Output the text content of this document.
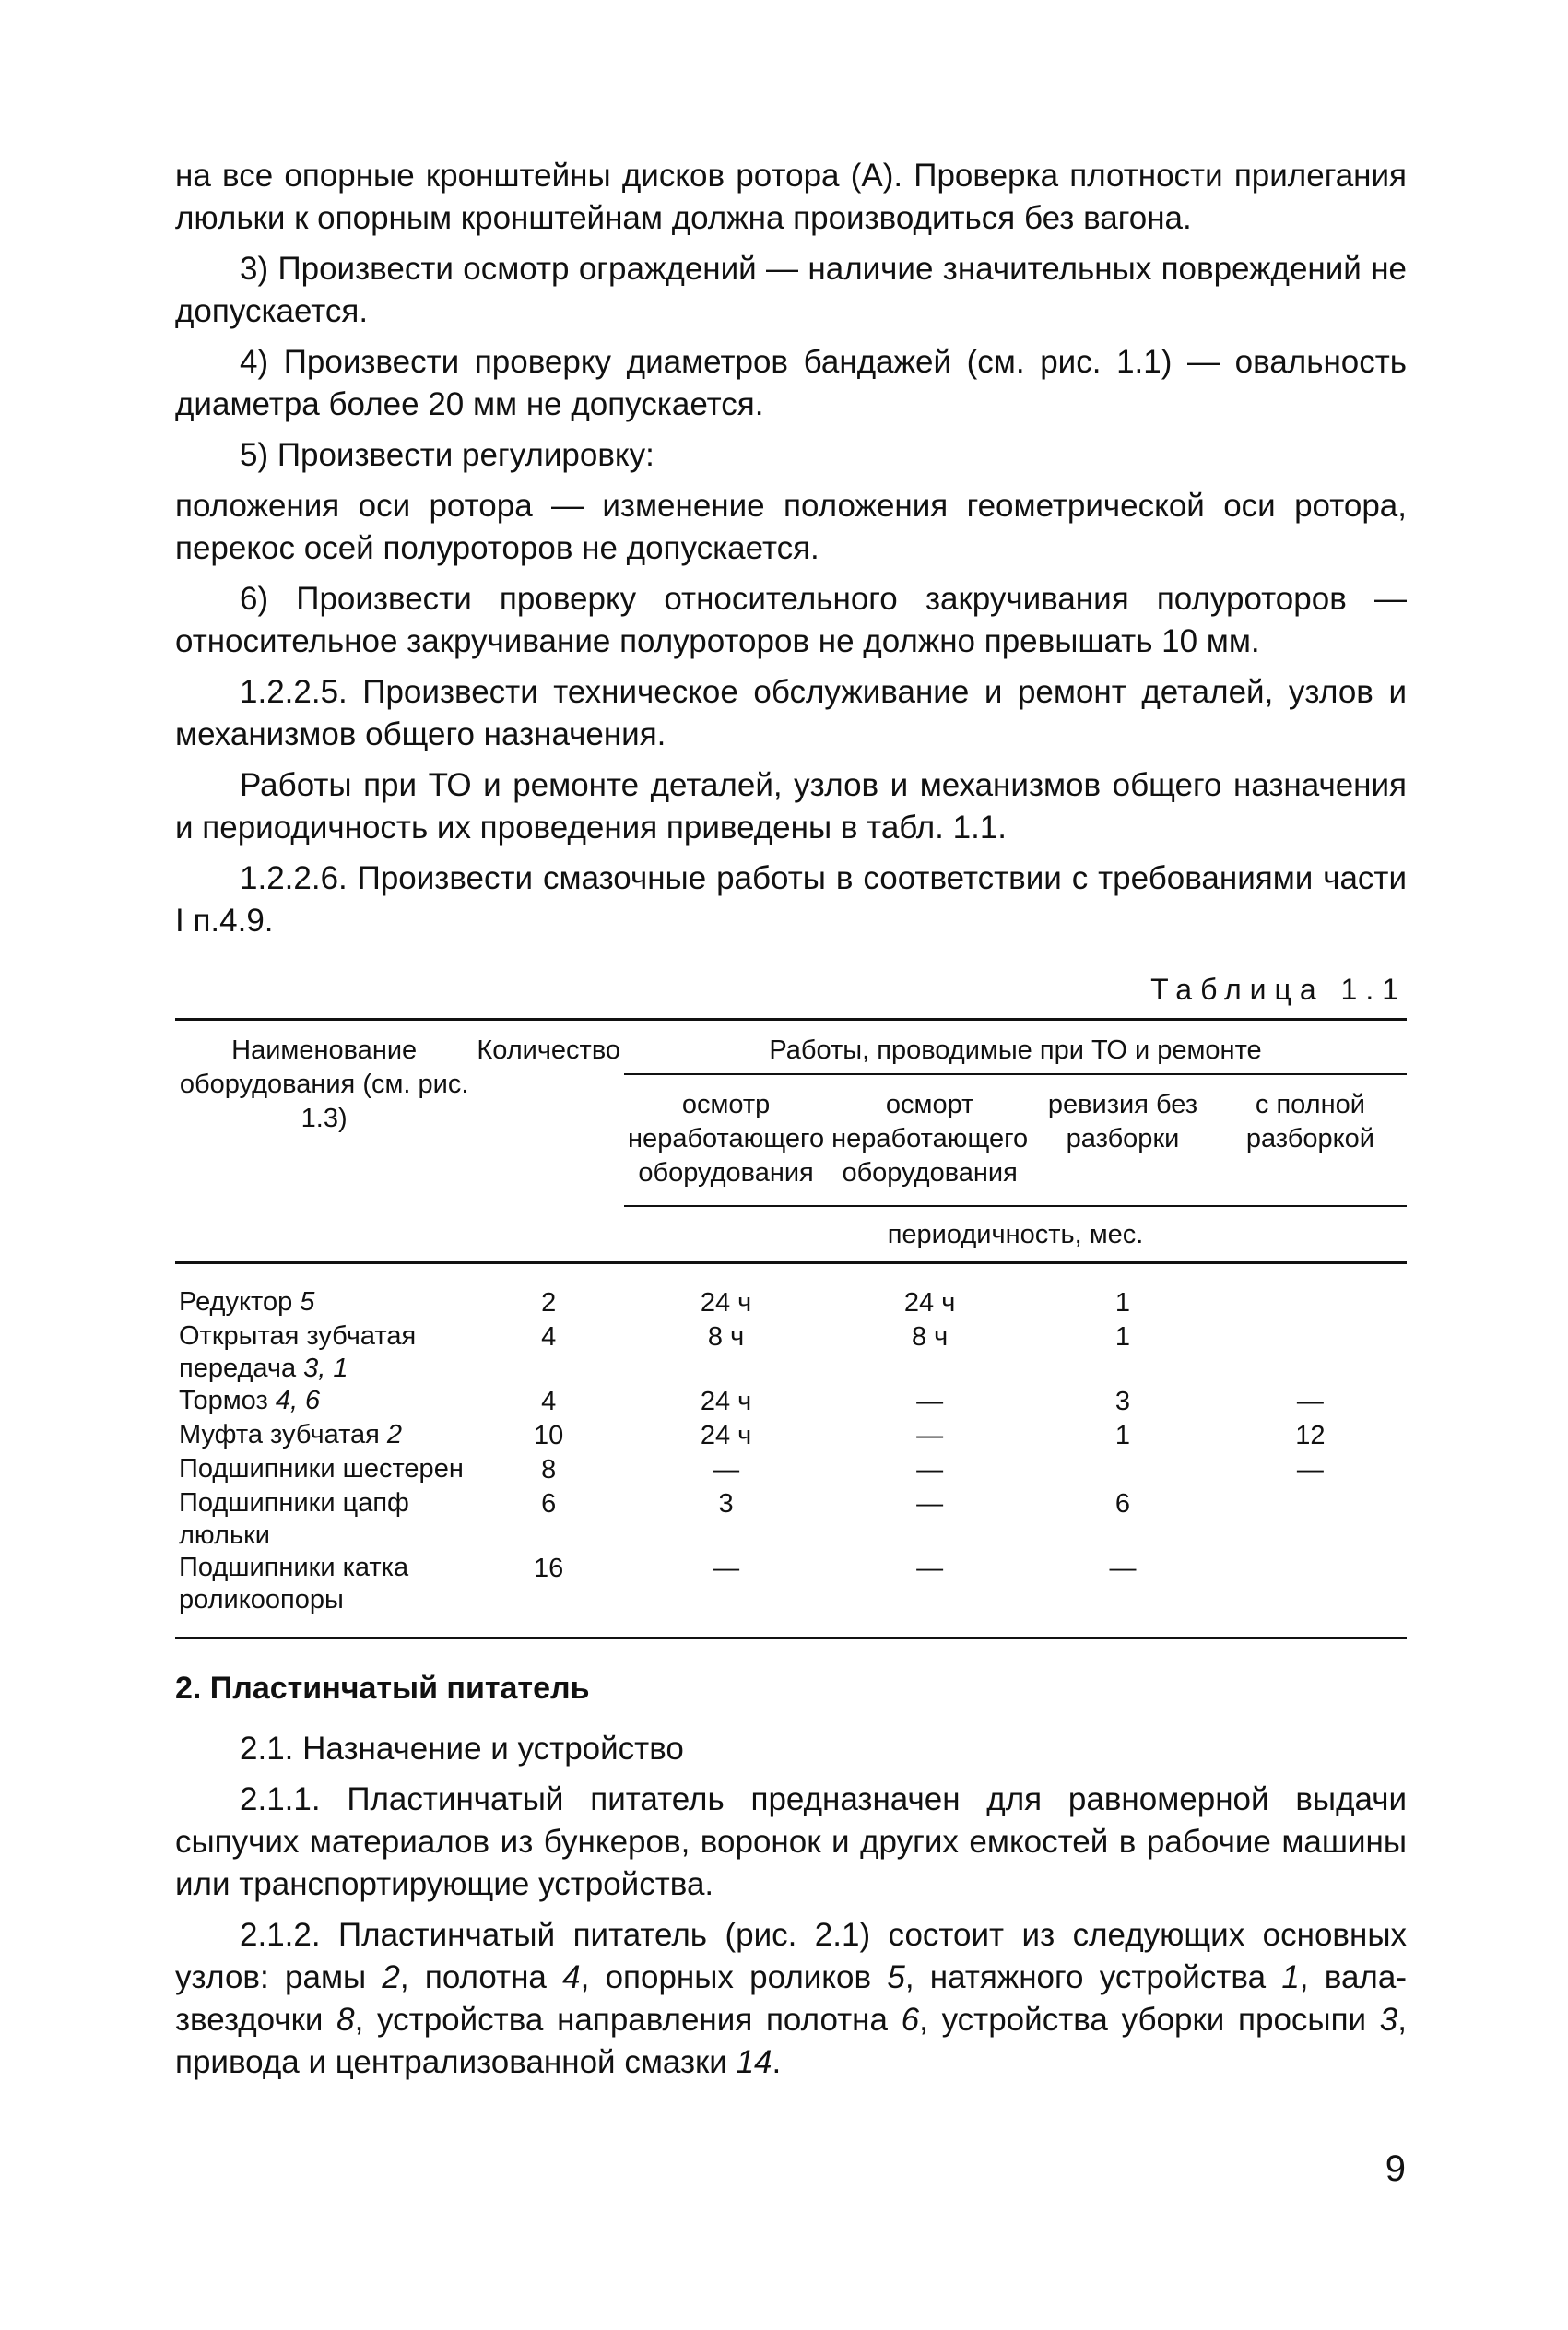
на все опорные кронштейны дисков ротора (А). Проверка плотности прилегания люльки к опорным кронштейнам должна производиться без вагона.

3) Произвести осмотр ограждений — наличие значительных повреждений не допускается.

4) Произвести проверку диаметров бандажей (см. рис. 1.1) — овальность диаметра более 20 мм не допускается.

5) Произвести регулировку:

положения оси ротора — изменение положения геометрической оси ротора, перекос осей полуроторов не допускается.

6) Произвести проверку относительного закручивания полуроторов — относительное закручивание полуроторов не должно превышать 10 мм.

1.2.2.5. Произвести техническое обслуживание и ремонт деталей, узлов и механизмов общего назначения.

Работы при ТО и ремонте деталей, узлов и механизмов общего назначения и периодичность их проведения приведены в табл. 1.1.

1.2.2.6. Произвести смазочные работы в соответствии с требованиями части I п.4.9.

Таблица 1.1
Наименование оборудования (см. рис. 1.3)	Количество	Работы, проводимые при ТО и ремонте			
		осмотр неработающего оборудования	осморт неработающего оборудования	ревизия без разборки	с полной разборкой
		периодичность, мес.			
Редуктор 5	2	24 ч	24 ч	1	
Открытая зубчатая передача 3, 1	4	8 ч	8 ч	1	
Тормоз 4, 6	4	24 ч	—	3	—
Муфта зубчатая 2	10	24 ч	—	1	12
Подшипники шестерен	8	—	—		—
Подшипники цапф люльки	6	3	—	6	
Подшипники катка роликоопоры	16	—	—	—	
2. Пластинчатый питатель

2.1. Назначение и устройство

2.1.1. Пластинчатый питатель предназначен для равномерной выдачи сыпучих материалов из бункеров, воронок и других емкостей в рабочие машины или транспортирующие устройства.

2.1.2. Пластинчатый питатель (рис. 2.1) состоит из следующих основных узлов: рамы 2, полотна 4, опорных роликов 5, натяжного устройства 1, вала-звездочки 8, устройства направления полотна 6, устройства уборки просыпи 3, привода и централизованной смазки 14.

9
